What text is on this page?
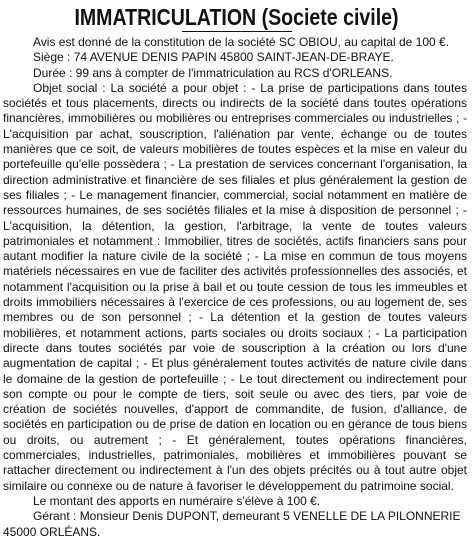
IMMATRICULATION (Societe civile)

Avis est donné de la constitution de la société SC OBIOU, au capital de 100 €.

Siège : 74 AVENUE DENIS PAPIN 45800 SAINT-JEAN-DE-BRAYE.

Durée : 99 ans à compter de l'immatriculation au RCS d'ORLEANS.

Objet social : La société a pour objet : - La prise de participations dans toutes sociétés et tous placements, directs ou indirects de la société dans toutes opérations financières, immobilières ou mobilières ou entreprises commerciales ou industrielles ; - L'acquisition par achat, souscription, l'aliénation par vente, échange ou de toutes manières que ce soit, de valeurs mobilières de toutes espèces et la mise en valeur du portefeuille qu'elle possèdera ; - La prestation de services concernant l'organisation, la direction administrative et financière de ses filiales et plus généralement la gestion de ses filiales ; - Le management financier, commercial, social notamment en matière de ressources humaines, de ses sociétés filiales et la mise à disposition de personnel ; - L'acquisition, la détention, la gestion, l'arbitrage, la vente de toutes valeurs patrimoniales et notamment : Immobilier, titres de sociétés, actifs financiers sans pour autant modifier la nature civile de la société ; - La mise en commun de tous moyens matériels nécessaires en vue de faciliter des activités professionnelles des associés, et notamment l'acquisition ou la prise à bail et ou toute cession de tous les immeubles et droits immobiliers nécessaires à l'exercice de ces professions, ou au logement de, ses membres ou de son personnel ; - La détention et la gestion de toutes valeurs mobilières, et notamment actions, parts sociales ou droits sociaux ; - La participation directe dans toutes sociétés par voie de souscription à la création ou lors d'une augmentation de capital ; - Et plus généralement toutes activités de nature civile dans le domaine de la gestion de portefeuille ; - Le tout directement ou indirectement pour son compte ou pour le compte de tiers, soit seule ou avec des tiers, par voie de création de sociétés nouvelles, d'apport de commandite, de fusion, d'alliance, de sociétés en participation ou de prise de dation en location ou en gérance de tous biens ou droits, ou autrement ; - Et généralement, toutes opérations financières, commerciales, industrielles, patrimoniales, mobilières et immobilières pouvant se rattacher directement ou indirectement à l'un des objets précités ou à tout autre objet similaire ou connexe ou de nature à favoriser le développement du patrimoine social.

Le montant des apports en numéraire s'élève à 100 €.

Gérant : Monsieur Denis DUPONT, demeurant 5 VENELLE DE LA PILONNERIE 45000 ORLÉANS.
